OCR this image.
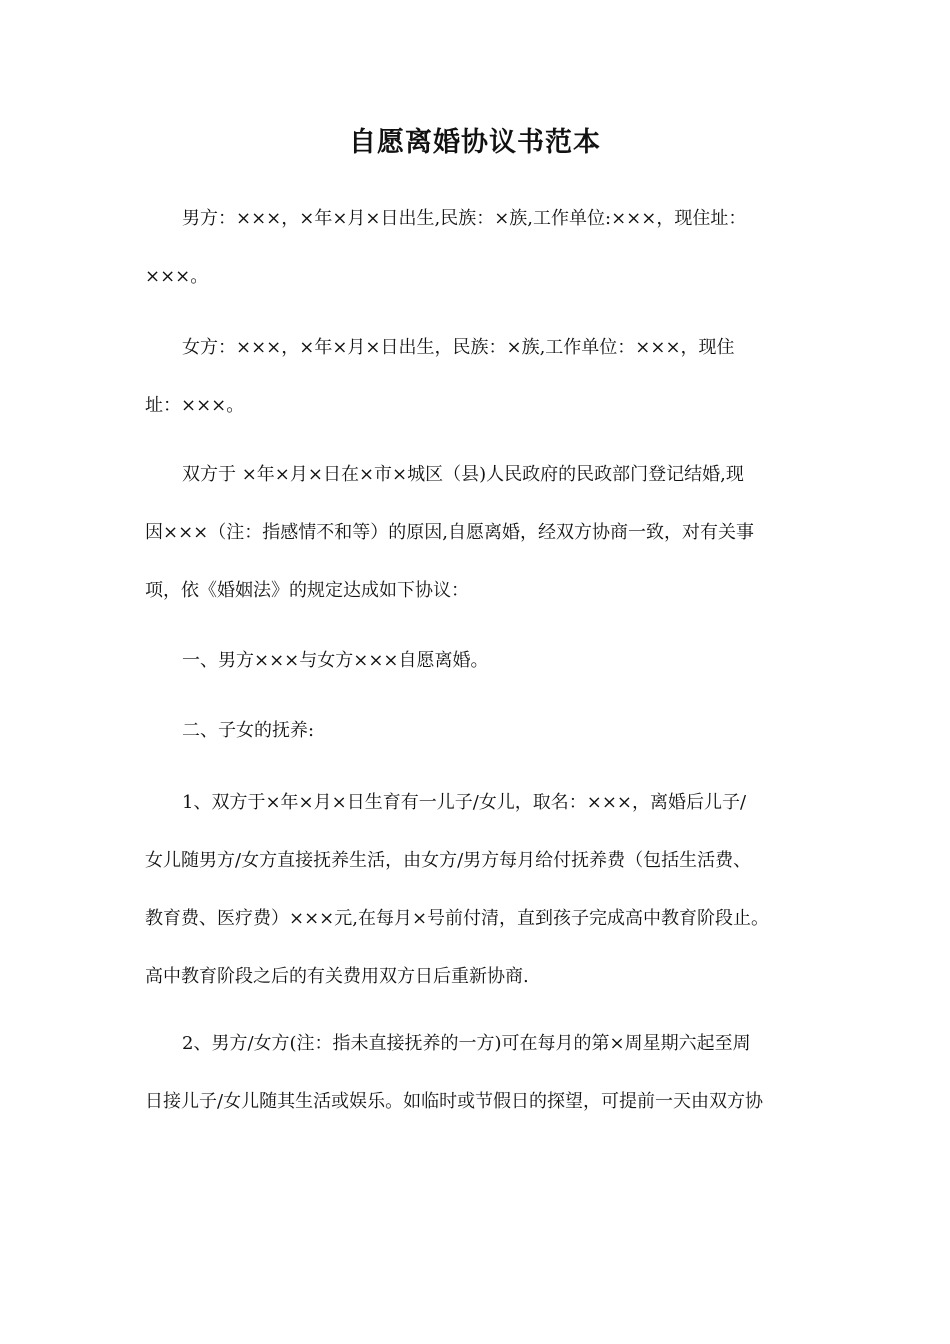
自愿离婚协议书范本
男方：×××，×年×月×日出生,民族：×族,工作单位:×××，现住址：
×××。
女方：×××，×年×月×日出生，民族：×族,工作单位：×××，现住
址：×××。
双方于 ×年×月×日在×市×城区（县)人民政府的民政部门登记结婚,现
因×××（注：指感情不和等）的原因,自愿离婚，经双方协商一致，对有关事
项，依《婚姻法》的规定达成如下协议：
一、男方×××与女方×××自愿离婚。
二、子女的抚养:
1、双方于×年×月×日生育有一儿子/女儿，取名：×××，离婚后儿子/
女儿随男方/女方直接抚养生活，由女方/男方每月给付抚养费（包括生活费、
教育费、医疗费）×××元,在每月×号前付清，直到孩子完成高中教育阶段止。
高中教育阶段之后的有关费用双方日后重新协商.
2、男方/女方(注：指未直接抚养的一方)可在每月的第×周星期六起至周
日接儿子/女儿随其生活或娱乐。如临时或节假日的探望，可提前一天由双方协
